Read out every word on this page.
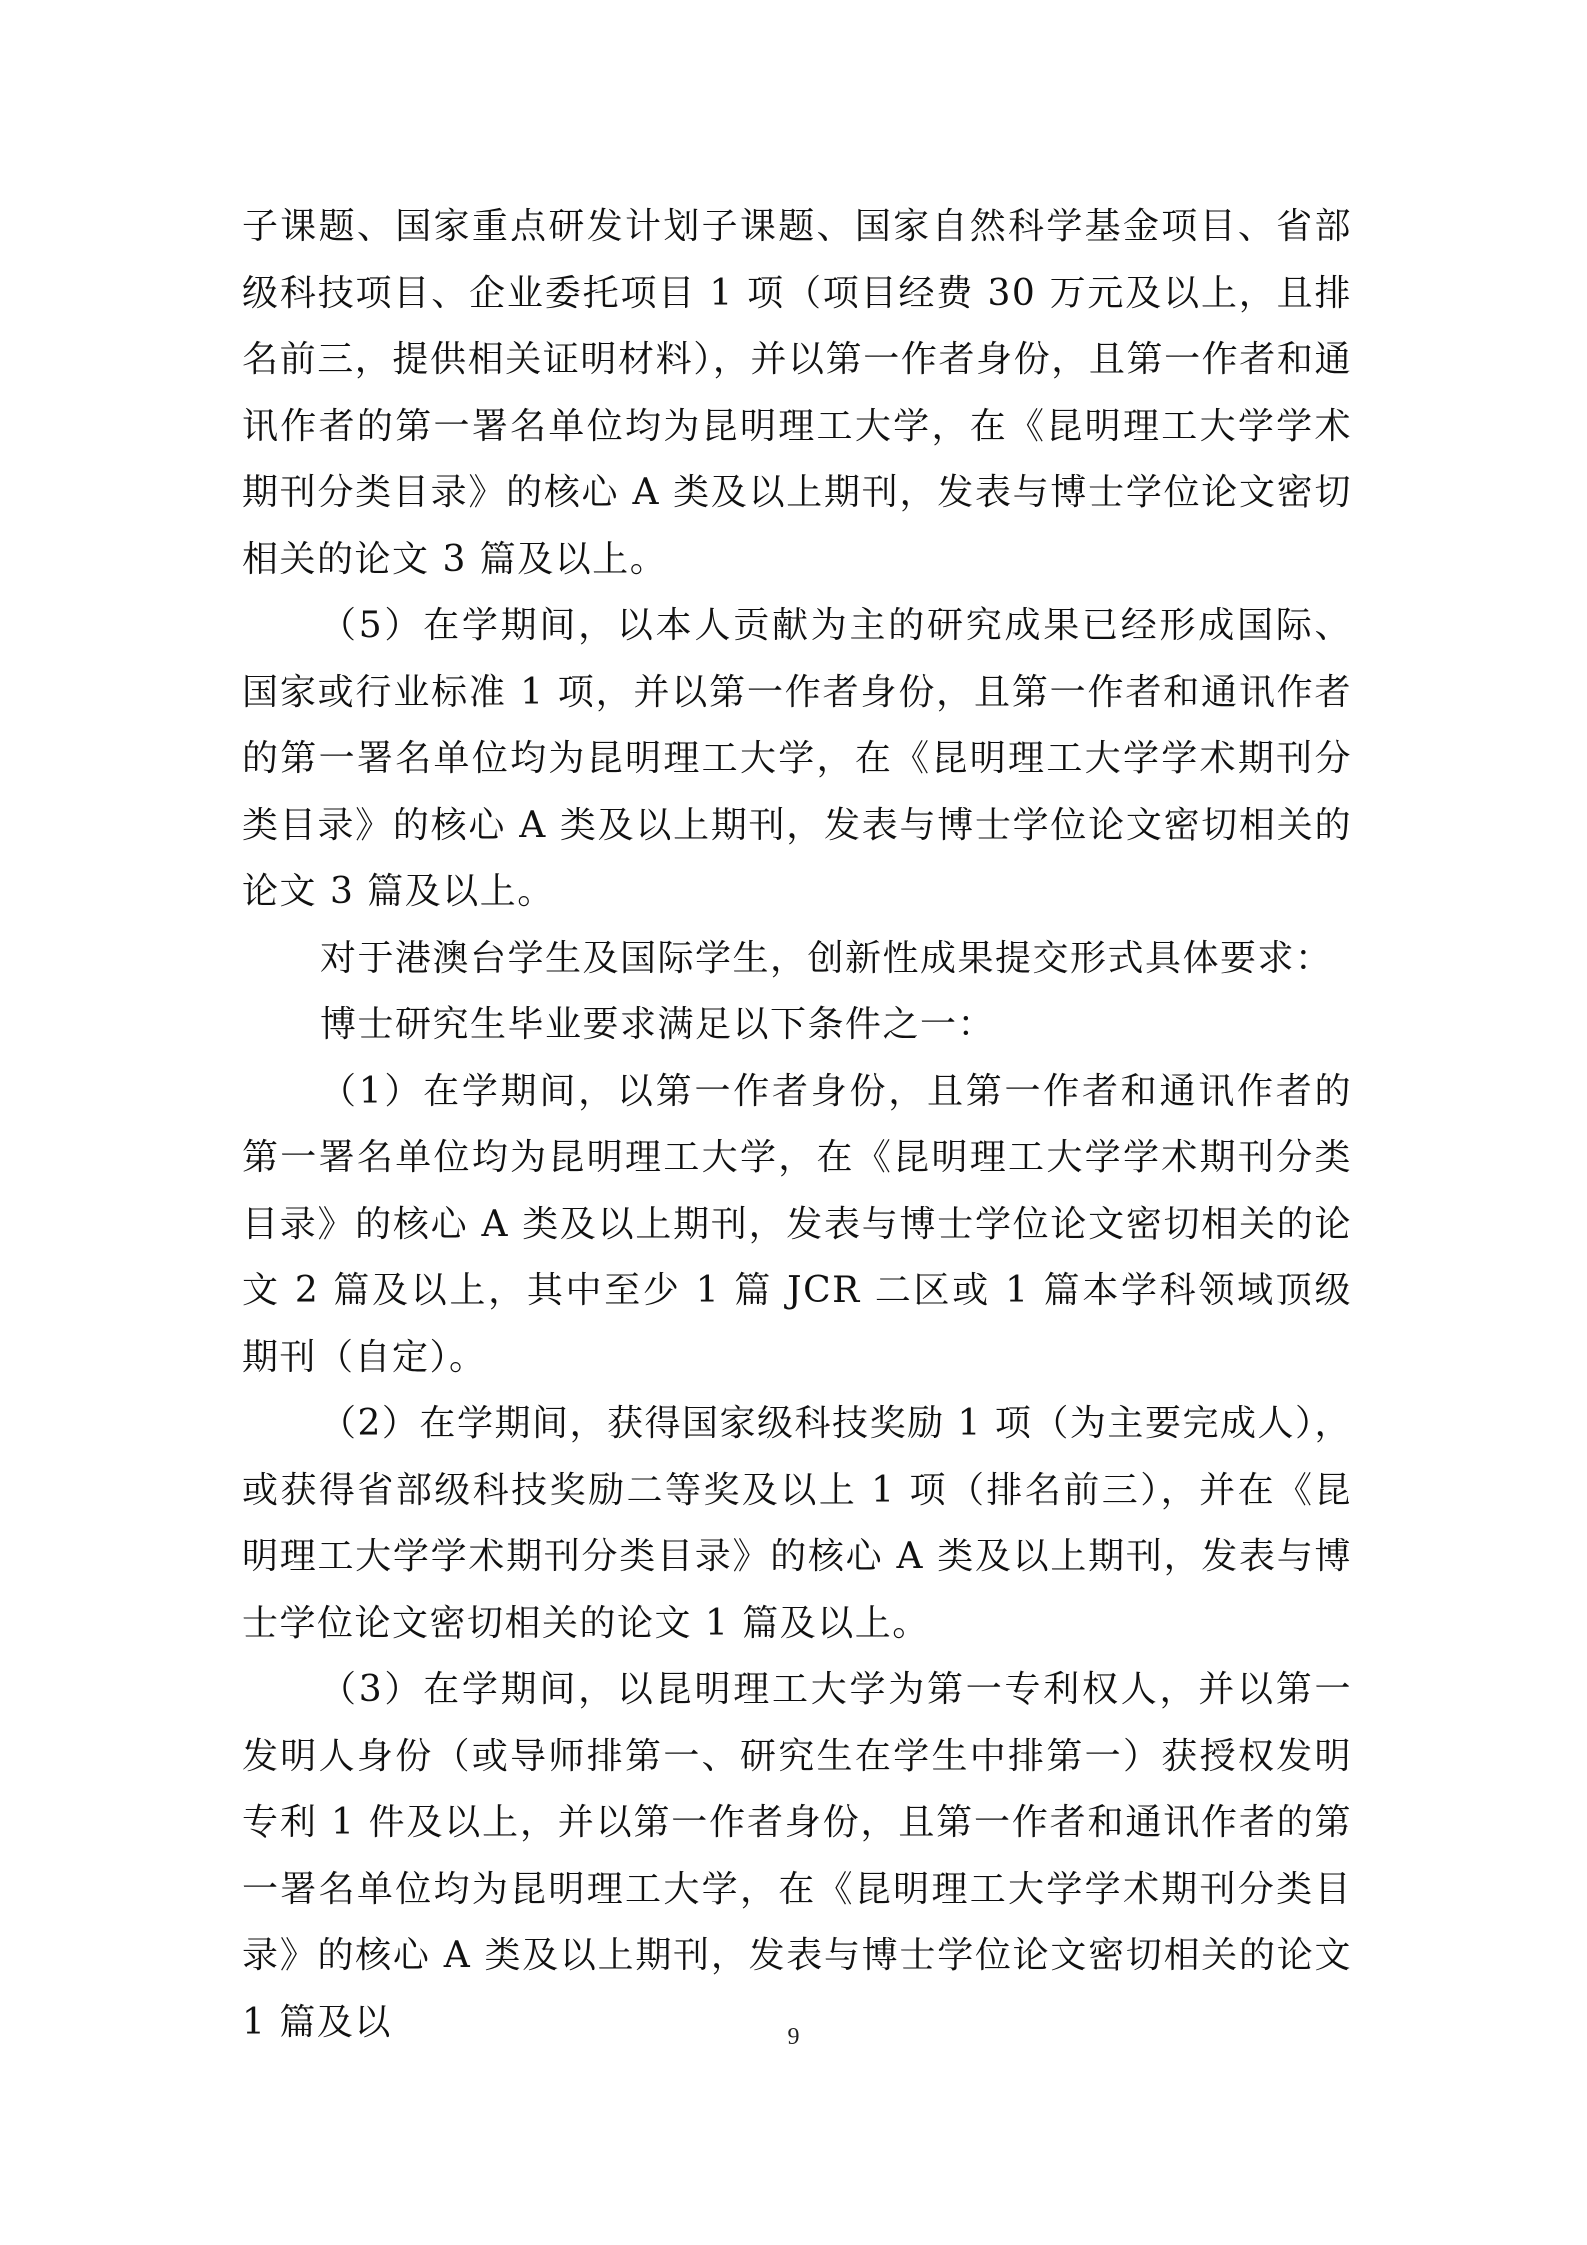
子课题、国家重点研发计划子课题、国家自然科学基金项目、省部级科技项目、企业委托项目 1 项（项目经费 30 万元及以上，且排名前三，提供相关证明材料），并以第一作者身份，且第一作者和通讯作者的第一署名单位均为昆明理工大学，在《昆明理工大学学术期刊分类目录》的核心 A 类及以上期刊，发表与博士学位论文密切相关的论文 3 篇及以上。

（5）在学期间，以本人贡献为主的研究成果已经形成国际、国家或行业标准 1 项，并以第一作者身份，且第一作者和通讯作者的第一署名单位均为昆明理工大学，在《昆明理工大学学术期刊分类目录》的核心 A 类及以上期刊，发表与博士学位论文密切相关的论文 3 篇及以上。

对于港澳台学生及国际学生，创新性成果提交形式具体要求：

博士研究生毕业要求满足以下条件之一：

（1）在学期间，以第一作者身份，且第一作者和通讯作者的第一署名单位均为昆明理工大学，在《昆明理工大学学术期刊分类目录》的核心 A 类及以上期刊，发表与博士学位论文密切相关的论文 2 篇及以上，其中至少 1 篇 JCR 二区或 1 篇本学科领域顶级期刊（自定）。

（2）在学期间，获得国家级科技奖励 1 项（为主要完成人），或获得省部级科技奖励二等奖及以上 1 项（排名前三），并在《昆明理工大学学术期刊分类目录》的核心 A 类及以上期刊，发表与博士学位论文密切相关的论文 1 篇及以上。

（3）在学期间，以昆明理工大学为第一专利权人，并以第一发明人身份（或导师排第一、研究生在学生中排第一）获授权发明专利 1 件及以上，并以第一作者身份，且第一作者和通讯作者的第一署名单位均为昆明理工大学，在《昆明理工大学学术期刊分类目录》的核心 A 类及以上期刊，发表与博士学位论文密切相关的论文 1 篇及以	9
